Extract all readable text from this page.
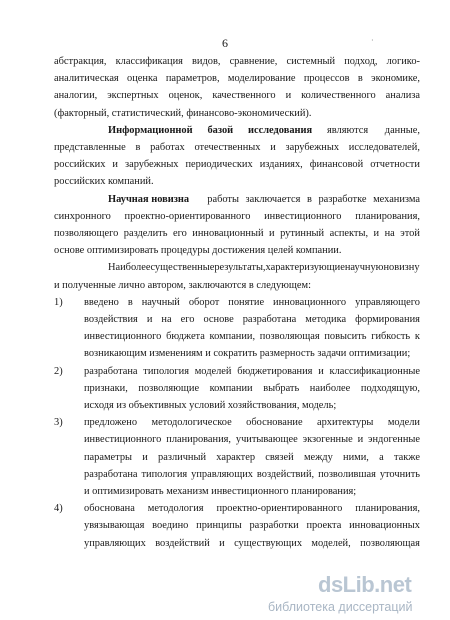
6	·
абстракция, классификация видов, сравнение, системный подход, логико-
аналитическая оценка параметров, моделирование процессов в экономике,
аналогии, экспертных оценок, качественного и количественного анализа
(факторный, статистический, финансово-экономический).
Информационной базой исследования являются данные,
представленные в работах отечественных и зарубежных исследователей,
российских и зарубежных периодических изданиях, финансовой отчетности
российских компаний.
Научная новизна работы заключается в разработке механизма
синхронного проектно-ориентированного инвестиционного планирования,
позволяющего разделить его инновационный и рутинный аспекты, и на этой
основе оптимизировать процедуры достижения целей компании.
Наиболее существенные результаты, характеризующие научную новизну
и полученные лично автором, заключаются в следующем:
1) введено в научный оборот понятие инновационного управляющего
воздействия и на его основе разработана методика формирования
инвестиционного бюджета компании, позволяющая повысить гибкость к
возникающим изменениям и сократить размерность задачи оптимизации;
2) разработана типология моделей бюджетирования и классификационные
признаки, позволяющие компании выбрать наиболее подходящую,
исходя из объективных условий хозяйствования, модель;
3) предложено методологическое обоснование архитектуры модели
инвестиционного планирования, учитывающее экзогенные и эндогенные
параметры и различный характер связей между ними, а также
разработана типология управляющих воздействий, позволившая уточнить
и оптимизировать механизм инвестиционного планирования;
4) обоснована методология проектно-ориентированного планирования,
увязывающая воедино принципы разработки проекта инновационных
управляющих воздействий и существующих моделей, позволяющая
dsLib.net
библиотека диссертаций
